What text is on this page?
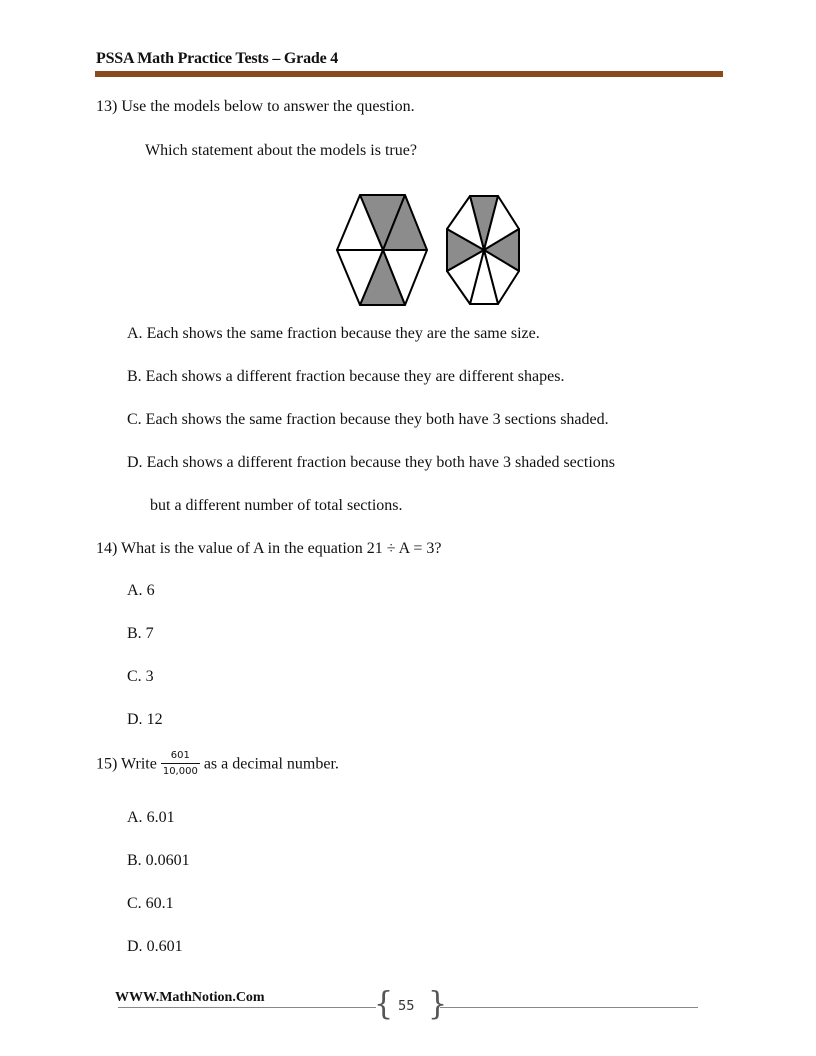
PSSA Math Practice Tests – Grade 4
13) Use the models below to answer the question.
Which statement about the models is true?
A. Each shows the same fraction because they are the same size.
B. Each shows a different fraction because they are different shapes.
C. Each shows the same fraction because they both have 3 sections shaded.
D. Each shows a different fraction because they both have 3 shaded sections
but a different number of total sections.
14) What is the value of A in the equation 21 ÷ A = 3?
A. 6
B. 7
C. 3
D. 12
15) Write $\frac{601}{10,000}$ as a decimal number.
A. 6.01
B. 0.0601
C. 60.1
D. 0.601
WWW.MathNotion.Com	{ }
55
